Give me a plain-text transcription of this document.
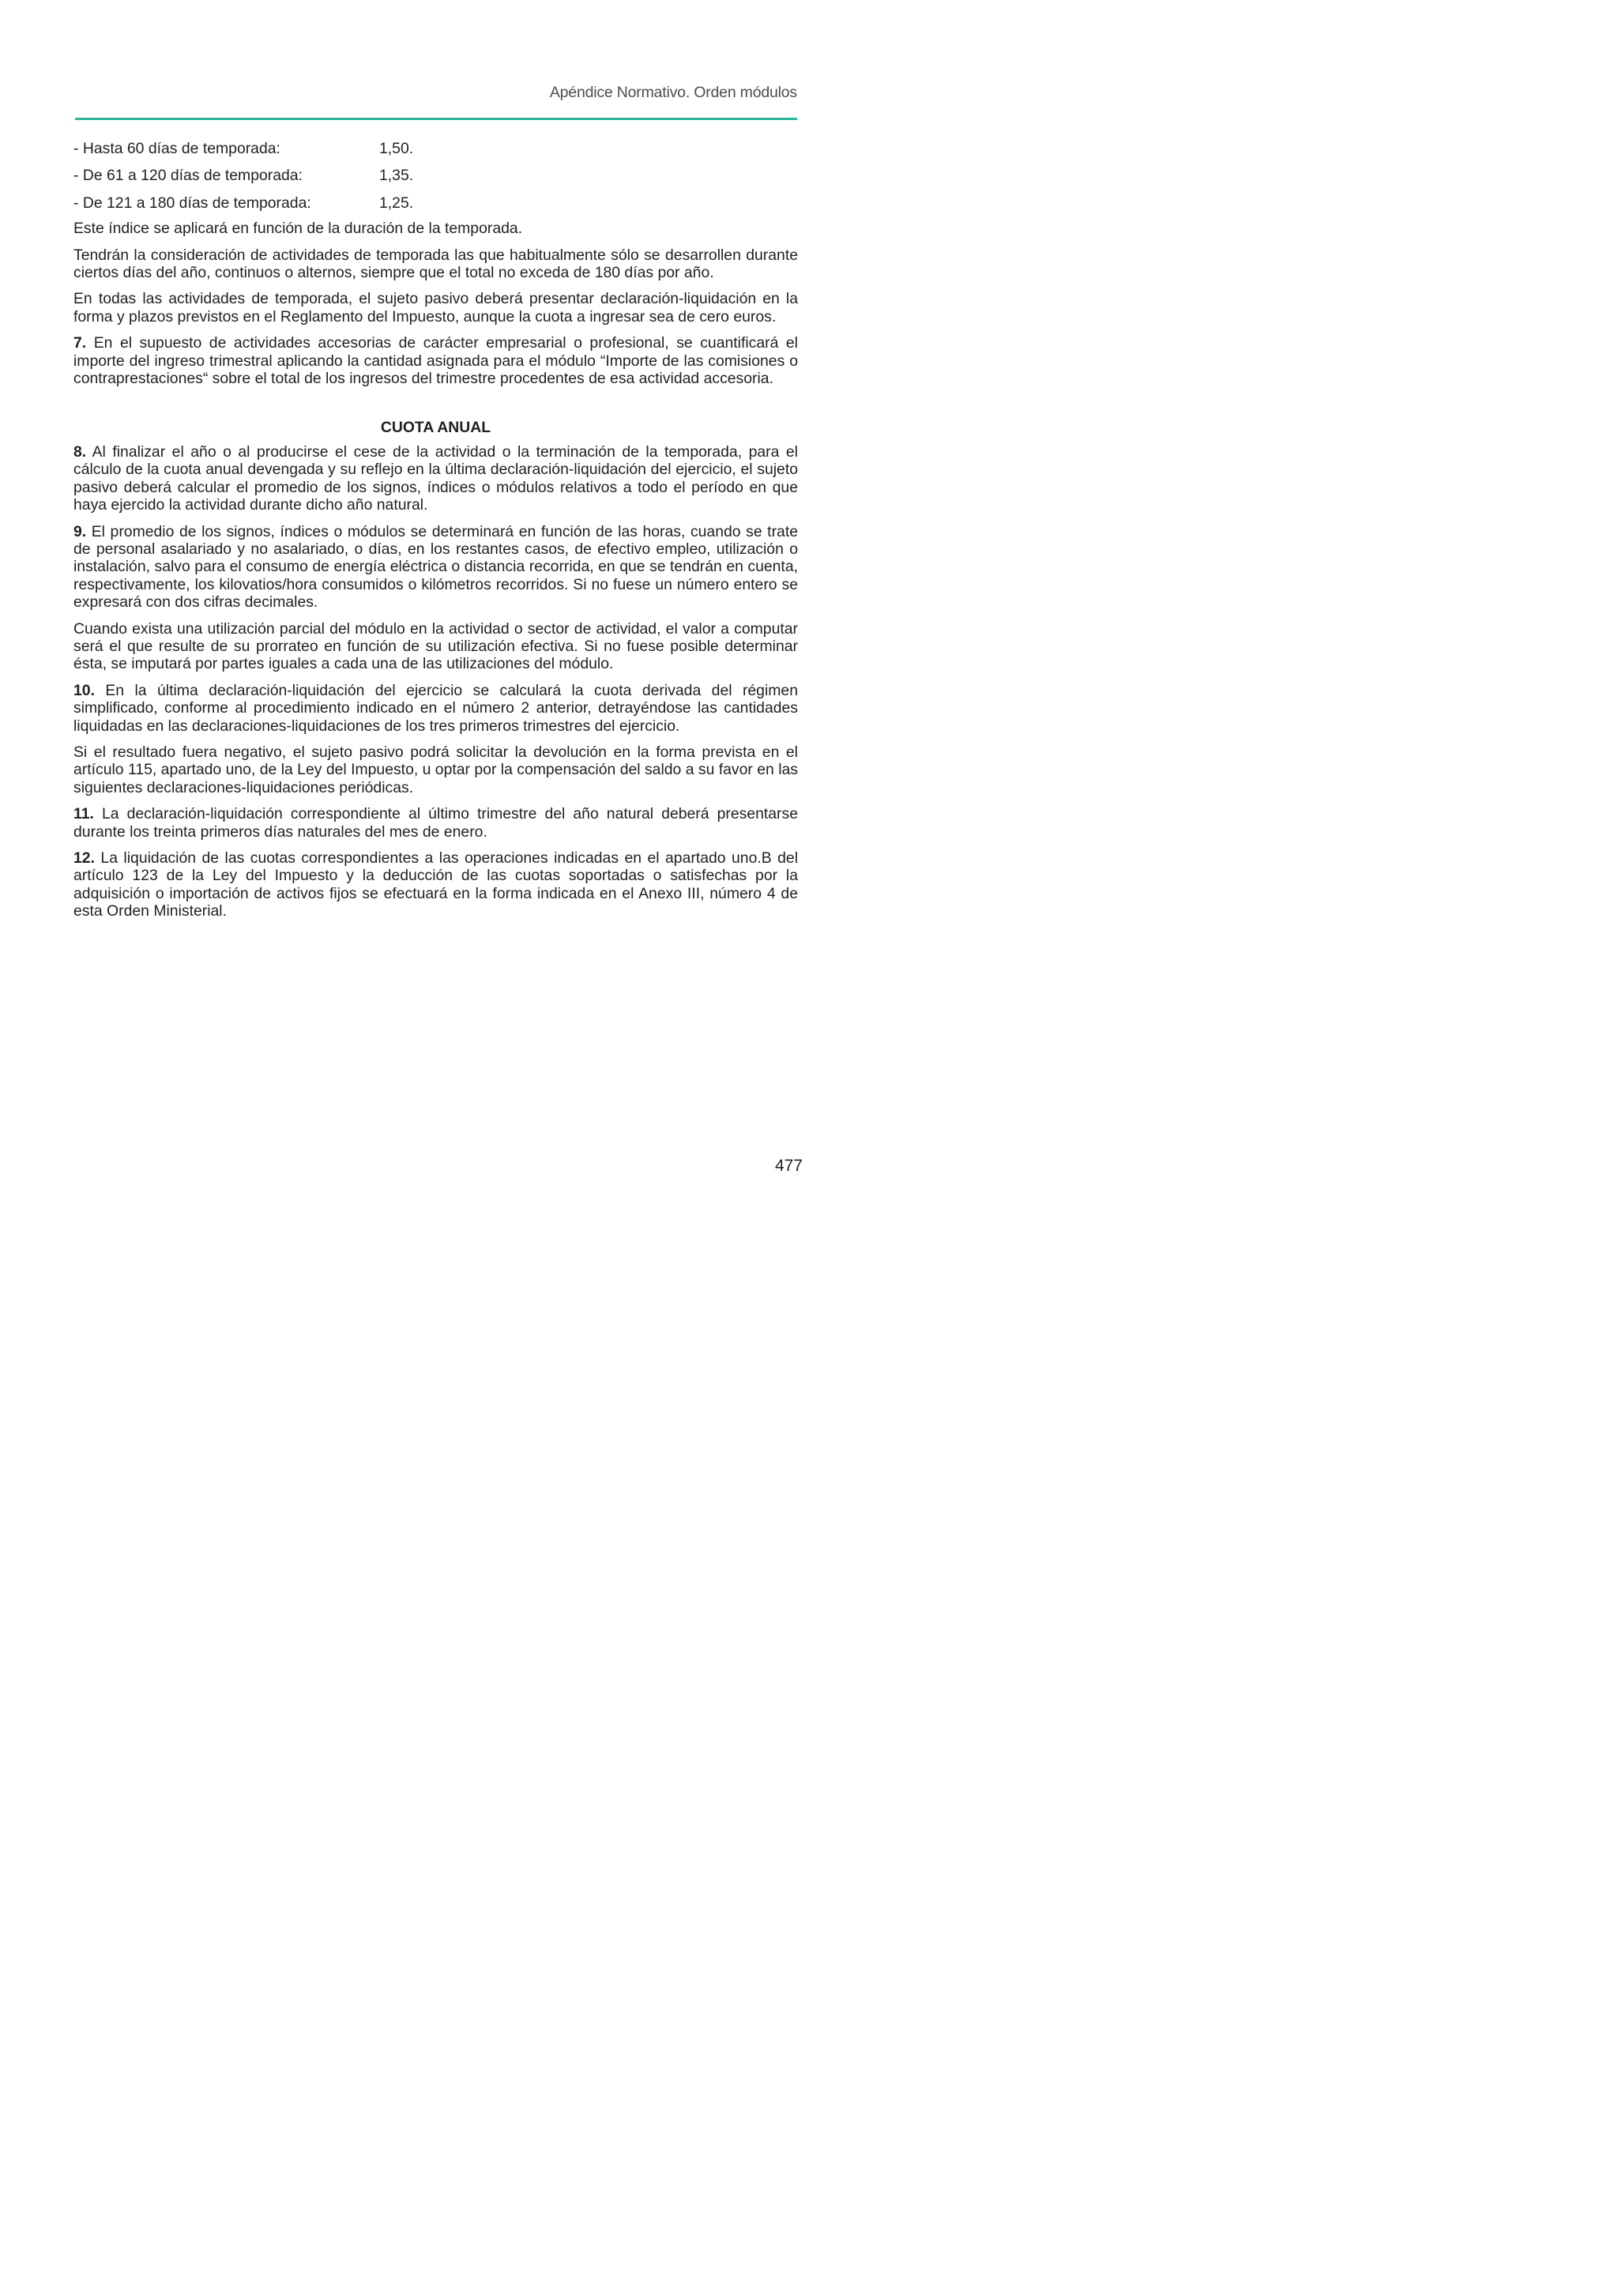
Apéndice Normativo. Orden módulos
- Hasta 60 días de temporada:	1,50.
- De 61 a 120 días de temporada:	1,35.
- De 121 a 180 días de temporada:	1,25.

Este índice se aplicará en función de la duración de la temporada.

Tendrán la consideración de actividades de temporada las que habitualmente sólo se desarrollen durante ciertos días del año, continuos o alternos, siempre que el total no exceda de 180 días por año.

En todas las actividades de temporada, el sujeto pasivo deberá presentar declaración-liquidación en la forma y plazos previstos en el Reglamento del Impuesto, aunque la cuota a ingresar sea de cero euros.

7. En el supuesto de actividades accesorias de carácter empresarial o profesional, se cuantificará el importe del ingreso trimestral aplicando la cantidad asignada para el módulo “Importe de las comisiones o contraprestaciones“ sobre el total de los ingresos del trimestre procedentes de esa actividad accesoria.

CUOTA ANUAL

8. Al finalizar el año o al producirse el cese de la actividad o la terminación de la temporada, para el cálculo de la cuota anual devengada y su reflejo en la última declaración-liquidación del ejercicio, el sujeto pasivo deberá calcular el promedio de los signos, índices o módulos relativos a todo el período en que haya ejercido la actividad durante dicho año natural.

9. El promedio de los signos, índices o módulos se determinará en función de las horas, cuando se trate de personal asalariado y no asalariado, o días, en los restantes casos, de efectivo empleo, utilización o instalación, salvo para el consumo de energía eléctrica o distancia recorrida, en que se tendrán en cuenta, respectivamente, los kilovatios/hora consumidos o kilómetros recorridos. Si no fuese un número entero se expresará con dos cifras decimales.

Cuando exista una utilización parcial del módulo en la actividad o sector de actividad, el valor a computar será el que resulte de su prorrateo en función de su utilización efectiva. Si no fuese posible determinar ésta, se imputará por partes iguales a cada una de las utilizaciones del módulo.

10. En la última declaración-liquidación del ejercicio se calculará la cuota derivada del régimen simplificado, conforme al procedimiento indicado en el número 2 anterior, detrayéndose las cantidades liquidadas en las declaraciones-liquidaciones de los tres primeros trimestres del ejercicio.

Si el resultado fuera negativo, el sujeto pasivo podrá solicitar la devolución en la forma prevista en el artículo 115, apartado uno, de la Ley del Impuesto, u optar por la compensación del saldo a su favor en las siguientes declaraciones-liquidaciones periódicas.

11. La declaración-liquidación correspondiente al último trimestre del año natural deberá presentarse durante los treinta primeros días naturales del mes de enero.

12. La liquidación de las cuotas correspondientes a las operaciones indicadas en el apartado uno.B del artículo 123 de la Ley del Impuesto y la deducción de las cuotas soportadas o satisfechas por la adquisición o importación de activos fijos se efectuará en la forma indicada en el Anexo III, número 4 de esta Orden Ministerial.

477
